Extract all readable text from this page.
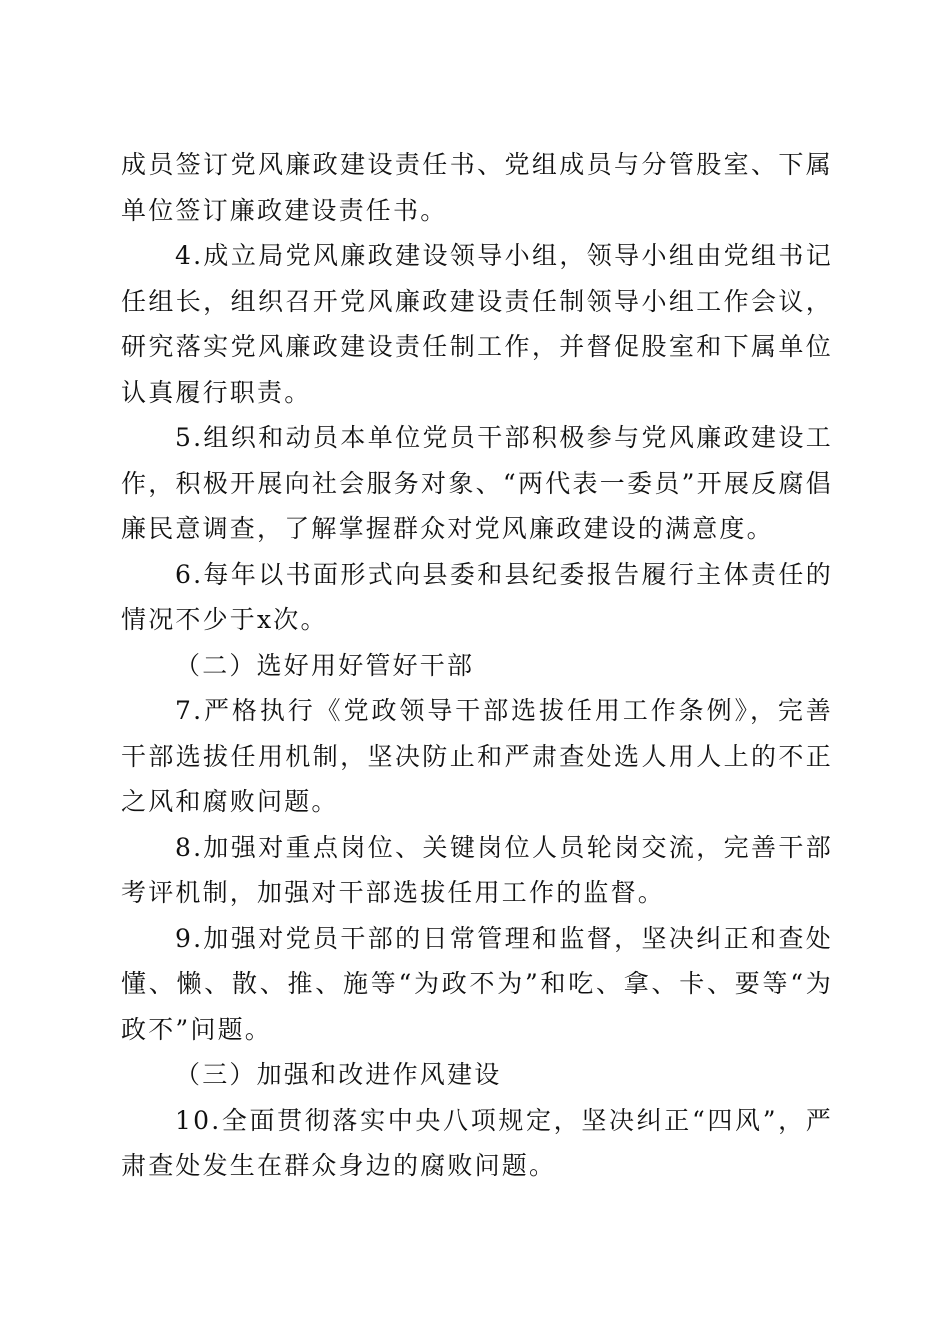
成员签订党风廉政建设责任书、党组成员与分管股室、下属单位签订廉政建设责任书。

4.成立局党风廉政建设领导小组，领导小组由党组书记任组长，组织召开党风廉政建设责任制领导小组工作会议，研究落实党风廉政建设责任制工作，并督促股室和下属单位认真履行职责。

5.组织和动员本单位党员干部积极参与党风廉政建设工作，积极开展向社会服务对象、“两代表一委员”开展反腐倡廉民意调查，了解掌握群众对党风廉政建设的满意度。

6.每年以书面形式向县委和县纪委报告履行主体责任的情况不少于x次。

（二）选好用好管好干部

7.严格执行《党政领导干部选拔任用工作条例》，完善干部选拔任用机制，坚决防止和严肃查处选人用人上的不正之风和腐败问题。

8.加强对重点岗位、关键岗位人员轮岗交流，完善干部考评机制，加强对干部选拔任用工作的监督。

9.加强对党员干部的日常管理和监督，坚决纠正和查处懂、懒、散、推、施等“为政不为”和吃、拿、卡、要等“为政不”问题。

（三）加强和改进作风建设

10.全面贯彻落实中央八项规定，坚决纠正“四风”，严肃查处发生在群众身边的腐败问题。
